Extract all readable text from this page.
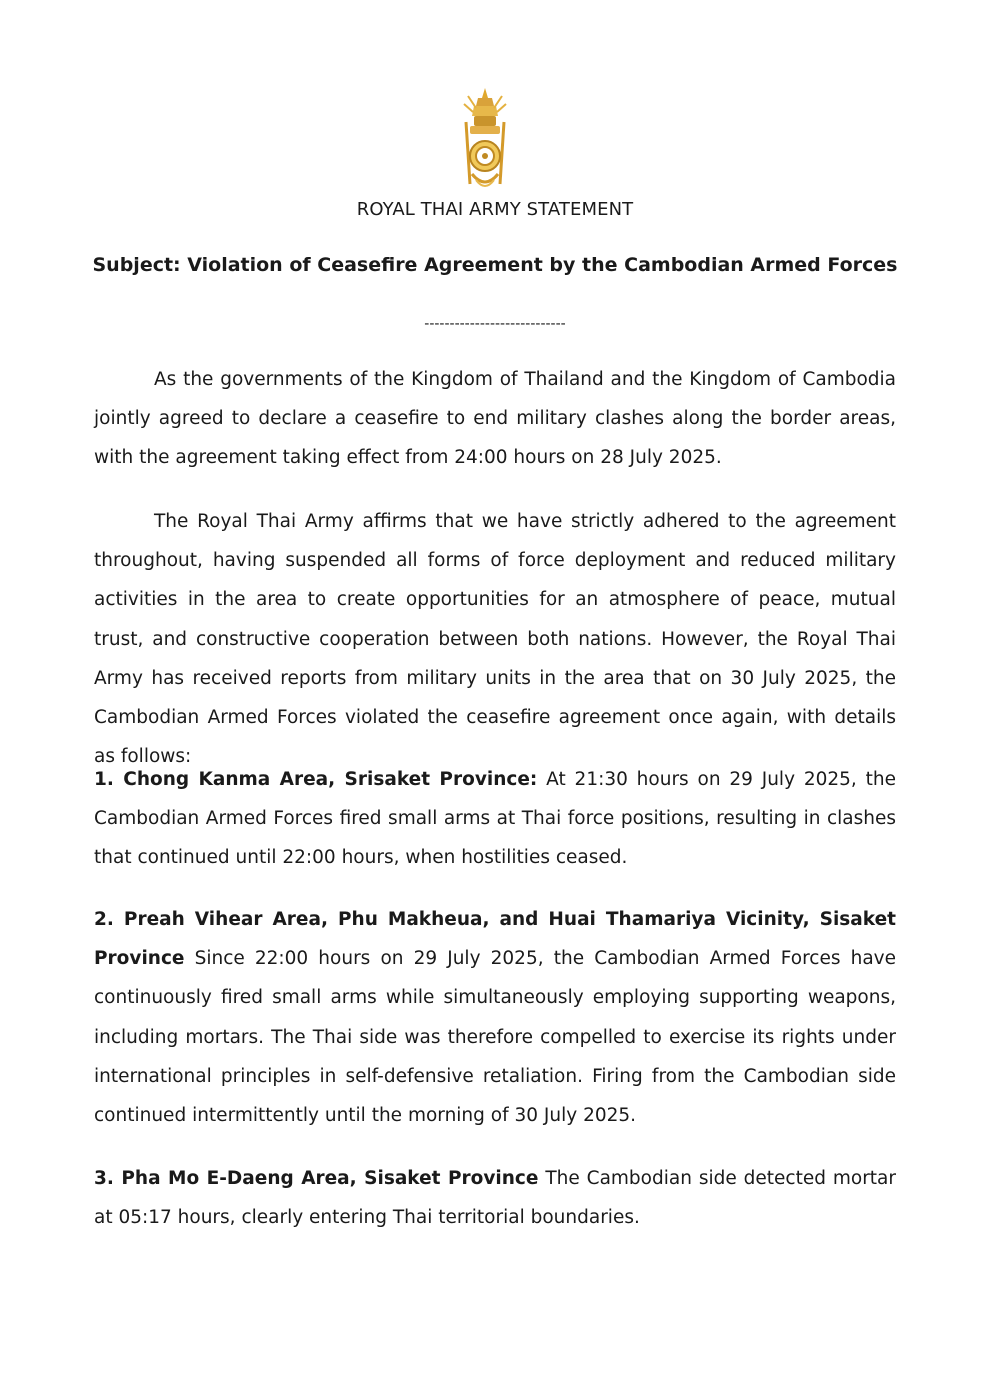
ROYAL THAI ARMY STATEMENT
Subject: Violation of Ceasefire Agreement by the Cambodian Armed Forces
----------------------------

As the governments of the Kingdom of Thailand and the Kingdom of Cambodia jointly agreed to declare a ceasefire to end military clashes along the border areas, with the agreement taking effect from 24:00 hours on 28 July 2025.

The Royal Thai Army affirms that we have strictly adhered to the agreement throughout, having suspended all forms of force deployment and reduced military activities in the area to create opportunities for an atmosphere of peace, mutual trust, and constructive cooperation between both nations. However, the Royal Thai Army has received reports from military units in the area that on 30 July 2025, the Cambodian Armed Forces violated the ceasefire agreement once again, with details as follows:

1. Chong Kanma Area, Srisaket Province: At 21:30 hours on 29 July 2025, the Cambodian Armed Forces fired small arms at Thai force positions, resulting in clashes that continued until 22:00 hours, when hostilities ceased.

2. Preah Vihear Area, Phu Makheua, and Huai Thamariya Vicinity, Sisaket Province Since 22:00 hours on 29 July 2025, the Cambodian Armed Forces have continuously fired small arms while simultaneously employing supporting weapons, including mortars. The Thai side was therefore compelled to exercise its rights under international principles in self-defensive retaliation. Firing from the Cambodian side continued intermittently until the morning of 30 July 2025.

3. Pha Mo E-Daeng Area, Sisaket Province The Cambodian side detected mortar at 05:17 hours, clearly entering Thai territorial boundaries.
